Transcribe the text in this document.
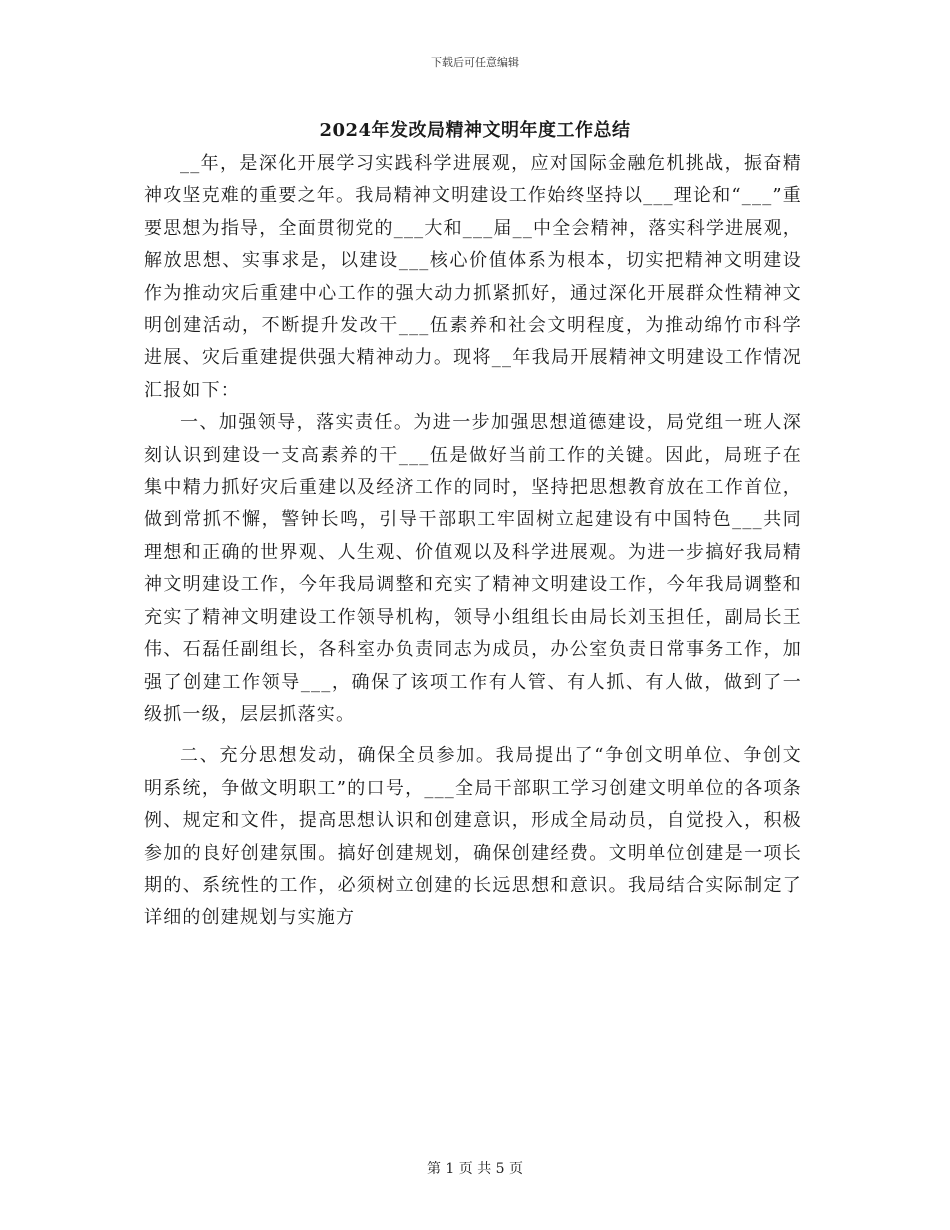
下载后可任意编辑
2024年发改局精神文明年度工作总结

__年，是深化开展学习实践科学进展观，应对国际金融危机挑战，振奋精神攻坚克难的重要之年。我局精神文明建设工作始终坚持以___理论和“___”重要思想为指导，全面贯彻党的___大和___届__中全会精神，落实科学进展观，解放思想、实事求是，以建设___核心价值体系为根本，切实把精神文明建设作为推动灾后重建中心工作的强大动力抓紧抓好，通过深化开展群众性精神文明创建活动，不断提升发改干___伍素养和社会文明程度，为推动绵竹市科学进展、灾后重建提供强大精神动力。现将__年我局开展精神文明建设工作情况汇报如下：

一、加强领导，落实责任。为进一步加强思想道德建设，局党组一班人深刻认识到建设一支高素养的干___伍是做好当前工作的关键。因此，局班子在集中精力抓好灾后重建以及经济工作的同时，坚持把思想教育放在工作首位，做到常抓不懈，警钟长鸣，引导干部职工牢固树立起建设有中国特色___共同理想和正确的世界观、人生观、价值观以及科学进展观。为进一步搞好我局精神文明建设工作，今年我局调整和充实了精神文明建设工作，今年我局调整和充实了精神文明建设工作领导机构，领导小组组长由局长刘玉担任，副局长王伟、石磊任副组长，各科室办负责同志为成员，办公室负责日常事务工作，加强了创建工作领导___，确保了该项工作有人管、有人抓、有人做，做到了一级抓一级，层层抓落实。

二、充分思想发动，确保全员参加。我局提出了“争创文明单位、争创文明系统，争做文明职工”的口号，___全局干部职工学习创建文明单位的各项条例、规定和文件，提高思想认识和创建意识，形成全局动员，自觉投入，积极参加的良好创建氛围。搞好创建规划，确保创建经费。文明单位创建是一项长期的、系统性的工作，必须树立创建的长远思想和意识。我局结合实际制定了详细的创建规划与实施方

第 1 页 共 5 页
